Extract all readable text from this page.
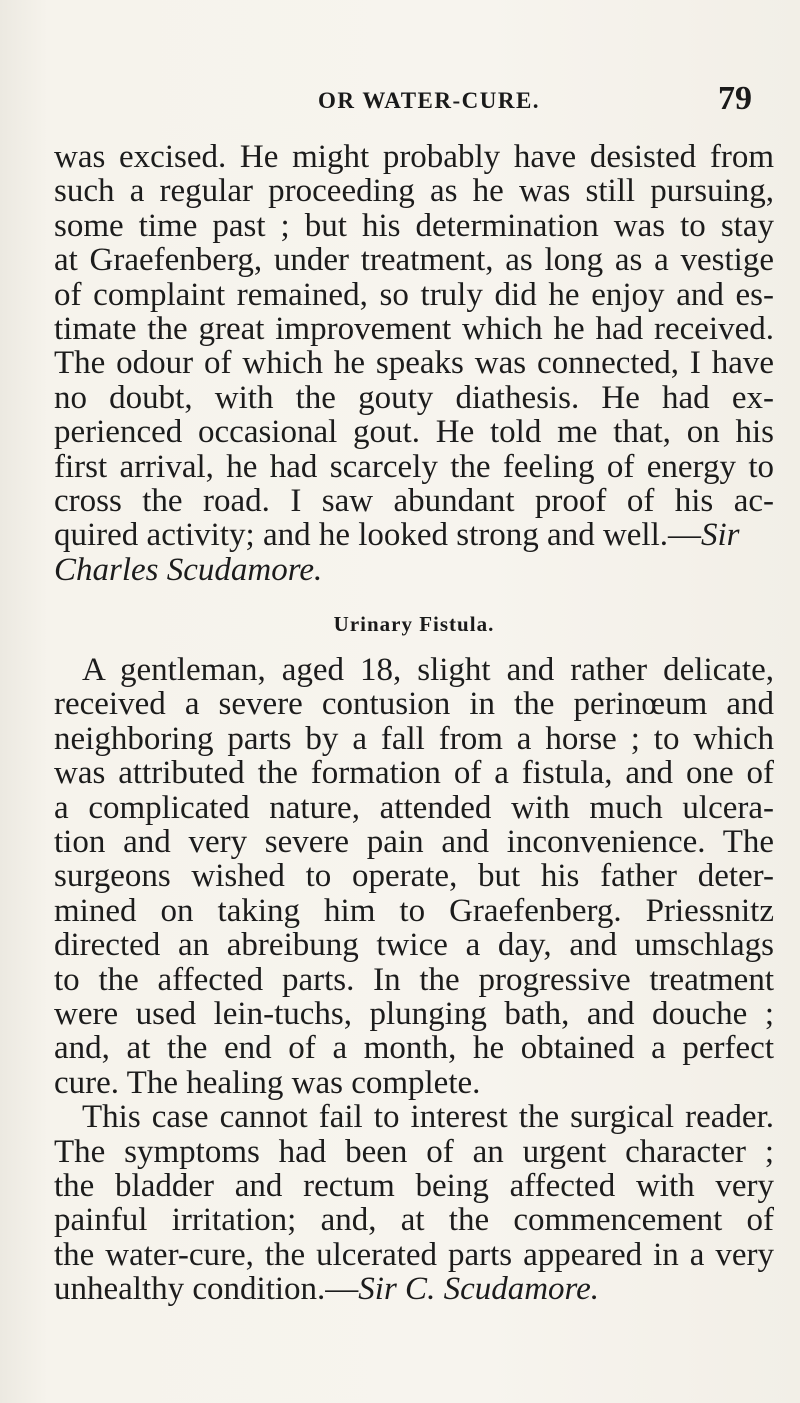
OR WATER-CURE.	79
was excised. He might probably have desisted from
such a regular proceeding as he was still pursuing,
some time past ; but his determination was to stay
at Graefenberg, under treatment, as long as a vestige
of complaint remained, so truly did he enjoy and es-
timate the great improvement which he had received.
The odour of which he speaks was connected, I have
no doubt, with the gouty diathesis. He had ex-
perienced occasional gout. He told me that, on his
first arrival, he had scarcely the feeling of energy to
cross the road. I saw abundant proof of his ac-
quired activity; and he looked strong and well.—Sir
Charles Scudamore.
Urinary Fistula.
A gentleman, aged 18, slight and rather delicate,
received a severe contusion in the perinœum and
neighboring parts by a fall from a horse ; to which
was attributed the formation of a fistula, and one of
a complicated nature, attended with much ulcera-
tion and very severe pain and inconvenience. The
surgeons wished to operate, but his father deter-
mined on taking him to Graefenberg. Priessnitz
directed an abreibung twice a day, and umschlags
to the affected parts. In the progressive treatment
were used lein-tuchs, plunging bath, and douche ;
and, at the end of a month, he obtained a perfect
cure. The healing was complete.
This case cannot fail to interest the surgical reader.
The symptoms had been of an urgent character ;
the bladder and rectum being affected with very
painful irritation; and, at the commencement of
the water-cure, the ulcerated parts appeared in a very
unhealthy condition.—Sir C. Scudamore.
